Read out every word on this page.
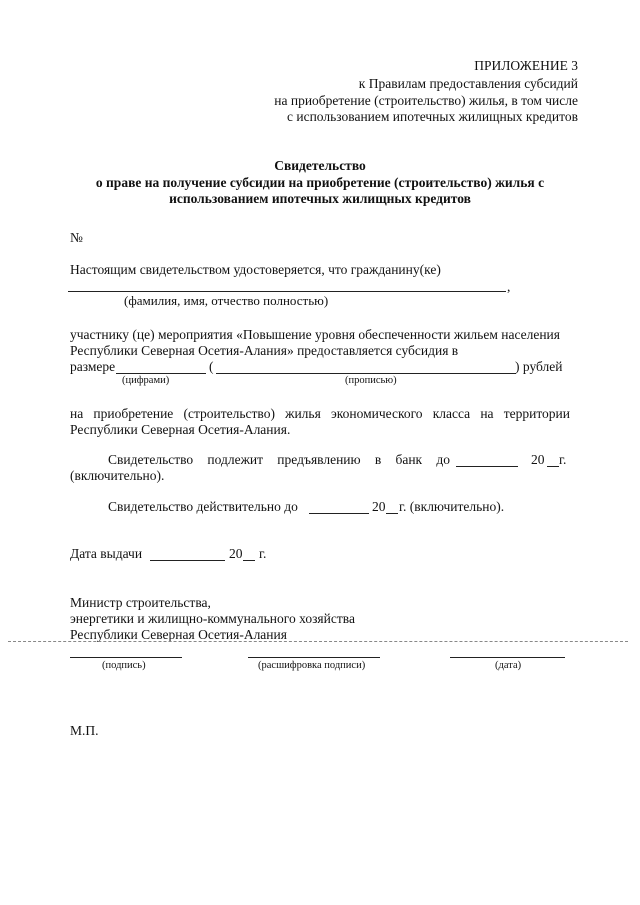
ПРИЛОЖЕНИЕ 3
к Правилам предоставления субсидий
на приобретение (строительство) жилья, в том числе
с использованием ипотечных жилищных кредитов
Свидетельство
о праве на получение субсидии на приобретение (строительство) жилья с
использованием ипотечных жилищных кредитов
№
Настоящим свидетельством удостоверяется, что гражданину(ке)
,
(фамилия, имя, отчество полностью)
участнику (це) мероприятия «Повышение уровня обеспеченности жильем населения
Республики Северная Осетия-Алания» предоставляется субсидия в
размере	(	) рублей
(цифрами)	(прописью)
на приобретение (строительство) жилья экономического класса на территории
Республики Северная Осетия-Алания.
Свидетельство подлежит предъявлению в банк до	20 г.
(включительно).
Свидетельство действительно до	20 г. (включительно).
Дата выдачи	20 г.
Министр строительства,
энергетики и жилищно-коммунального хозяйства
Республики Северная Осетия-Алания
(подпись)	(расшифровка подписи)	(дата)
М.П.
